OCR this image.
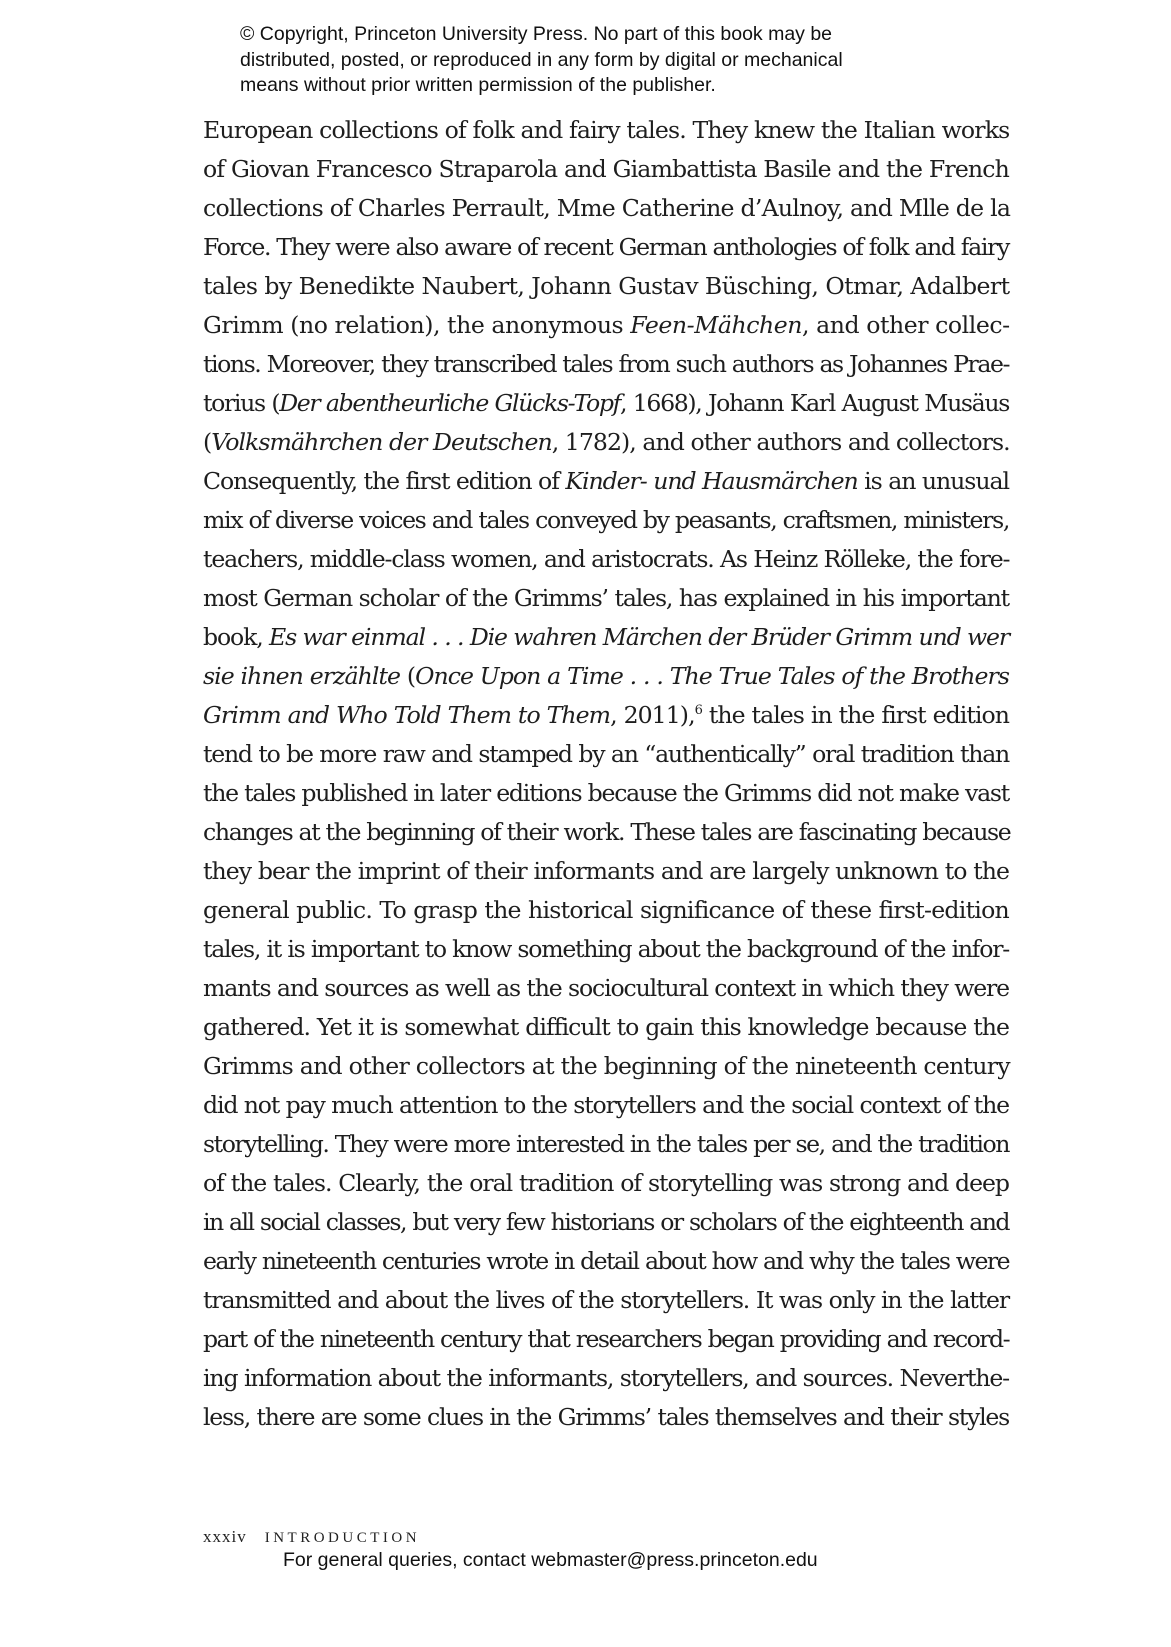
© Copyright, Princeton University Press. No part of this book may be
distributed, posted, or reproduced in any form by digital or mechanical
means without prior written permission of the publisher.
European collections of folk and fairy tales. They knew the Italian works
of Giovan Francesco Straparola and Giambattista Basile and the French
collections of Charles Perrault, Mme Catherine d’Aulnoy, and Mlle de la
Force. They were also aware of recent German anthologies of folk and fairy
tales by Benedikte Naubert, Johann Gustav Büsching, Otmar, Adalbert
Grimm (no relation), the anonymous Feen-Mähchen, and other collec-
tions. Moreover, they transcribed tales from such authors as Johannes Prae-
torius (Der abentheurliche Glücks-Topf, 1668), Johann Karl August Musäus
(Volksmährchen der Deutschen, 1782), and other authors and collectors.
Consequently, the first edition of Kinder- und Hausmärchen is an unusual
mix of diverse voices and tales conveyed by peasants, craftsmen, ministers,
teachers, middle-class women, and aristocrats. As Heinz Rölleke, the fore-
most German scholar of the Grimms’ tales, has explained in his important
book, Es war einmal . . . Die wahren Märchen der Brüder Grimm und wer
sie ihnen erzählte (Once Upon a Time . . . The True Tales of the Brothers
Grimm and Who Told Them to Them, 2011),$^6$ the tales in the first edition
tend to be more raw and stamped by an “authentically” oral tradition than
the tales published in later editions because the Grimms did not make vast
changes at the beginning of their work. These tales are fascinating because
they bear the imprint of their informants and are largely unknown to the
general public. To grasp the historical significance of these first-edition
tales, it is important to know something about the background of the infor-
mants and sources as well as the sociocultural context in which they were
gathered. Yet it is somewhat difficult to gain this knowledge because the
Grimms and other collectors at the beginning of the nineteenth century
did not pay much attention to the storytellers and the social context of the
storytelling. They were more interested in the tales per se, and the tradition
of the tales. Clearly, the oral tradition of storytelling was strong and deep
in all social classes, but very few historians or scholars of the eighteenth and
early nineteenth centuries wrote in detail about how and why the tales were
transmitted and about the lives of the storytellers. It was only in the latter
part of the nineteenth century that researchers began providing and record-
ing information about the informants, storytellers, and sources. Neverthe-
less, there are some clues in the Grimms’ tales themselves and their styles
xxxiv INTRODUCTION
For general queries, contact webmaster@press.princeton.edu
